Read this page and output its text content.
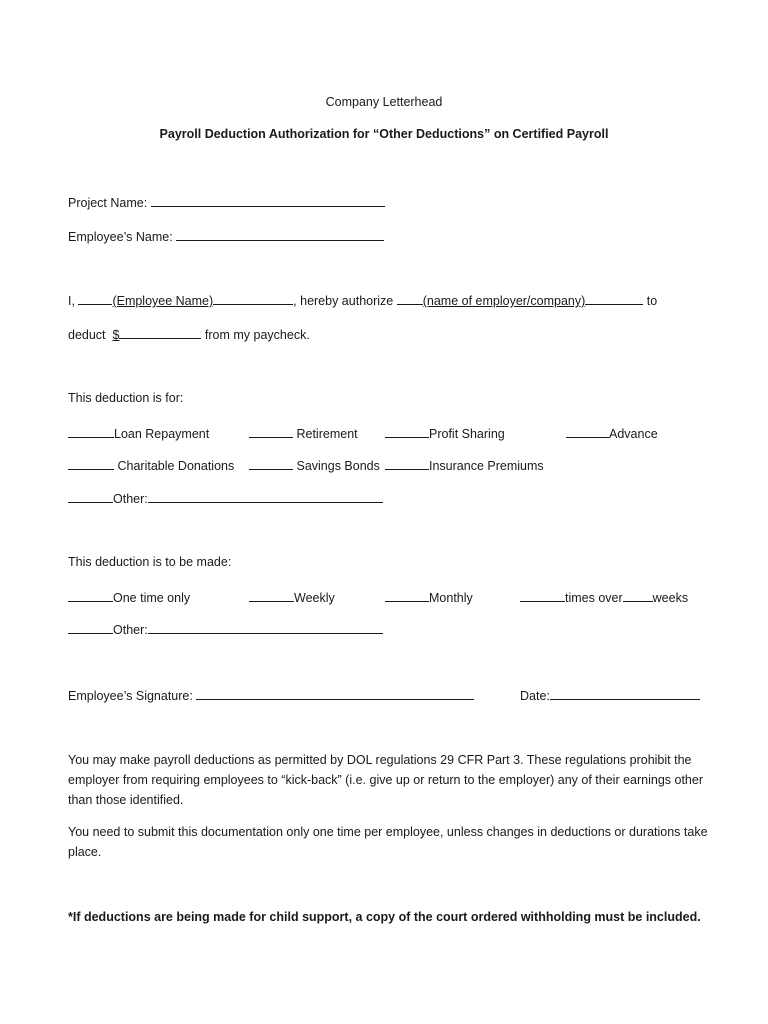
Company Letterhead
Payroll Deduction Authorization for “Other Deductions” on Certified Payroll
Project Name:
Employee’s Name:
I,	(Employee Name)	, hereby authorize (name of employer/company)	to
deduct $	from my paycheck.
This deduction is for:
Loan Repayment	Retirement	Profit Sharing	Advance
Charitable Donations	Savings Bonds	Insurance Premiums
Other:
This deduction is to be made:
One time only	Weekly	Monthly	times over weeks
Other:
Employee’s Signature:	Date:
You may make payroll deductions as permitted by DOL regulations 29 CFR Part 3. These regulations prohibit the employer from requiring employees to “kick-back” (i.e. give up or return to the employer) any of their earnings other than those identified.
You need to submit this documentation only one time per employee, unless changes in deductions or durations take place.
*If deductions are being made for child support, a copy of the court ordered withholding must be included.
